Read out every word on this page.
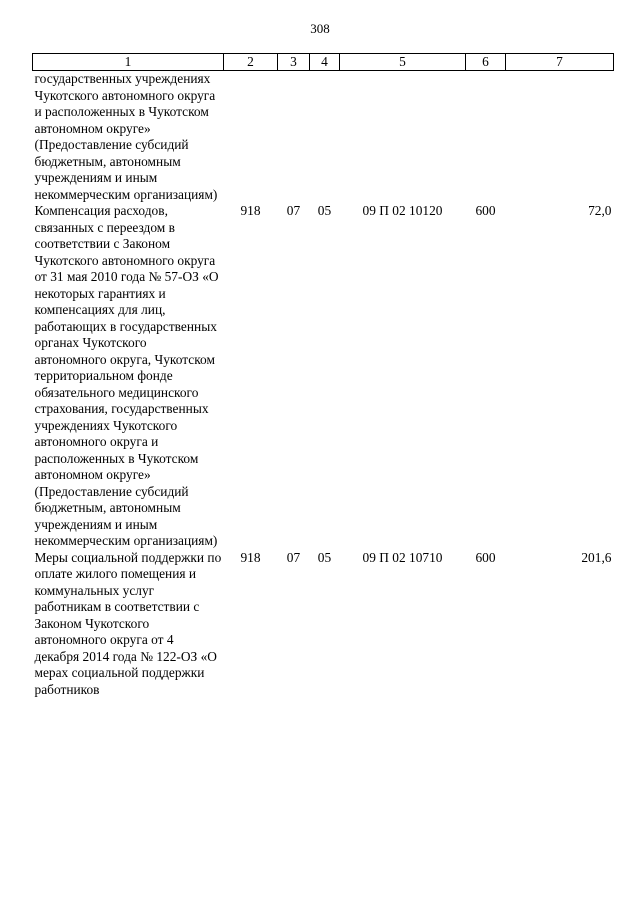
308
1	2	3	4	5	6	7
государственных учреждениях Чукотского автономного округа и расположенных в Чукотском автономном округе» (Предоставление субсидий бюджетным, автономным учреждениям и иным некоммерческим организациям)						
Компенсация расходов, связанных с переездом в соответствии с Законом Чукотского автономного округа от 31 мая 2010 года № 57-ОЗ «О некоторых гарантиях и компенсациях для лиц, работающих в государственных органах Чукотского автономного округа, Чукотском территориальном фонде обязательного медицинского страхования, государственных учреждениях Чукотского автономного округа и расположенных в Чукотском автономном округе» (Предоставление субсидий бюджетным, автономным учреждениям и иным некоммерческим организациям)	918	07	05	09 П 02 10120	600	72,0
Меры социальной поддержки по оплате жилого помещения и коммунальных услуг работникам в соответствии с Законом Чукотского автономного округа от 4 декабря 2014 года № 122-ОЗ «О мерах социальной поддержки работников	918	07	05	09 П 02 10710	600	201,6
